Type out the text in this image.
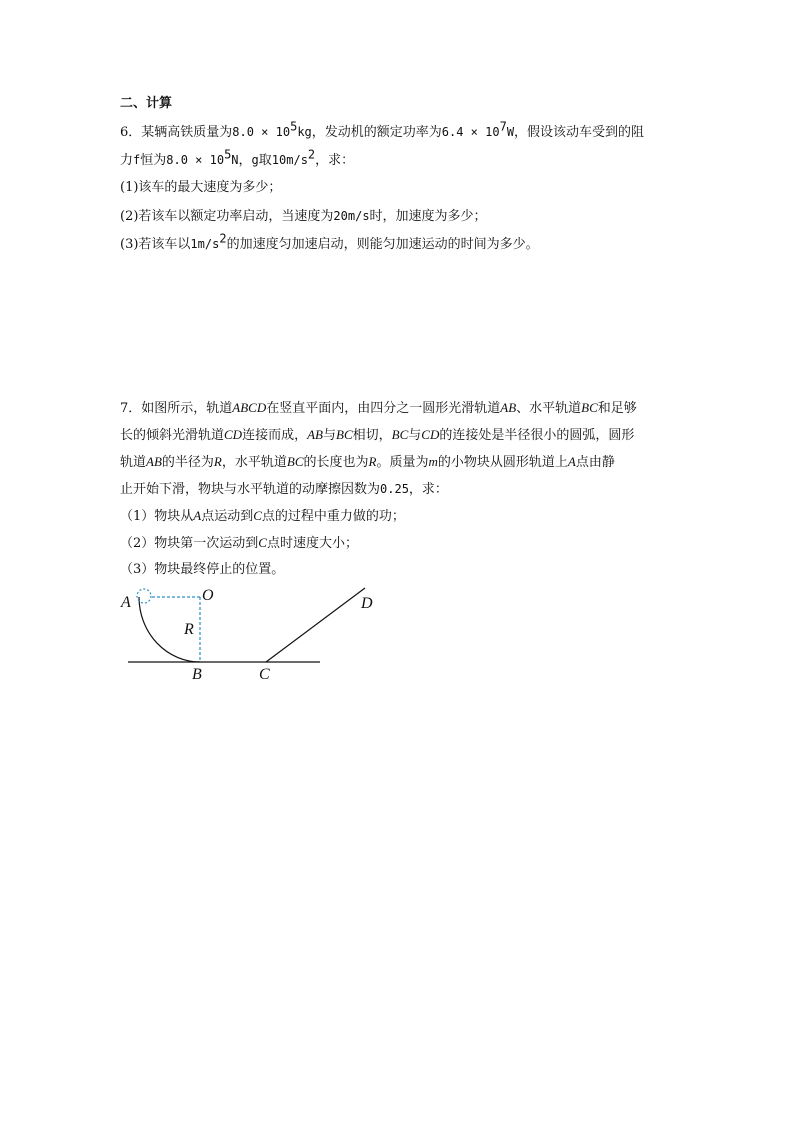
二、计算
6．某辆高铁质量为$8.0 \times 10^5kg$，发动机的额定功率为$6.4 \times 10^7W$，假设该动车受到的阻
力f恒为$8.0 \times 10^5N$，g取$10m/s^2$，求：
(1)该车的最大速度为多少；
(2)若该车以额定功率启动，当速度为20m/s时，加速度为多少；
(3)若该车以$1m/s^2$的加速度匀加速启动，则能匀加速运动的时间为多少。
7．如图所示，轨道ABCD在竖直平面内，由四分之一圆形光滑轨道AB、水平轨道BC和足够
长的倾斜光滑轨道CD连接而成，AB与BC相切，BC与CD的连接处是半径很小的圆弧，圆形
轨道AB的半径为R，水平轨道BC的长度也为R。质量为m的小物块从圆形轨道上A点由静
止开始下滑，物块与水平轨道的动摩擦因数为0.25，求：
（1）物块从A点运动到C点的过程中重力做的功；
（2）物块第一次运动到C点时速度大小；
（3）物块最终停止的位置。
A	O
R
B	C
D
